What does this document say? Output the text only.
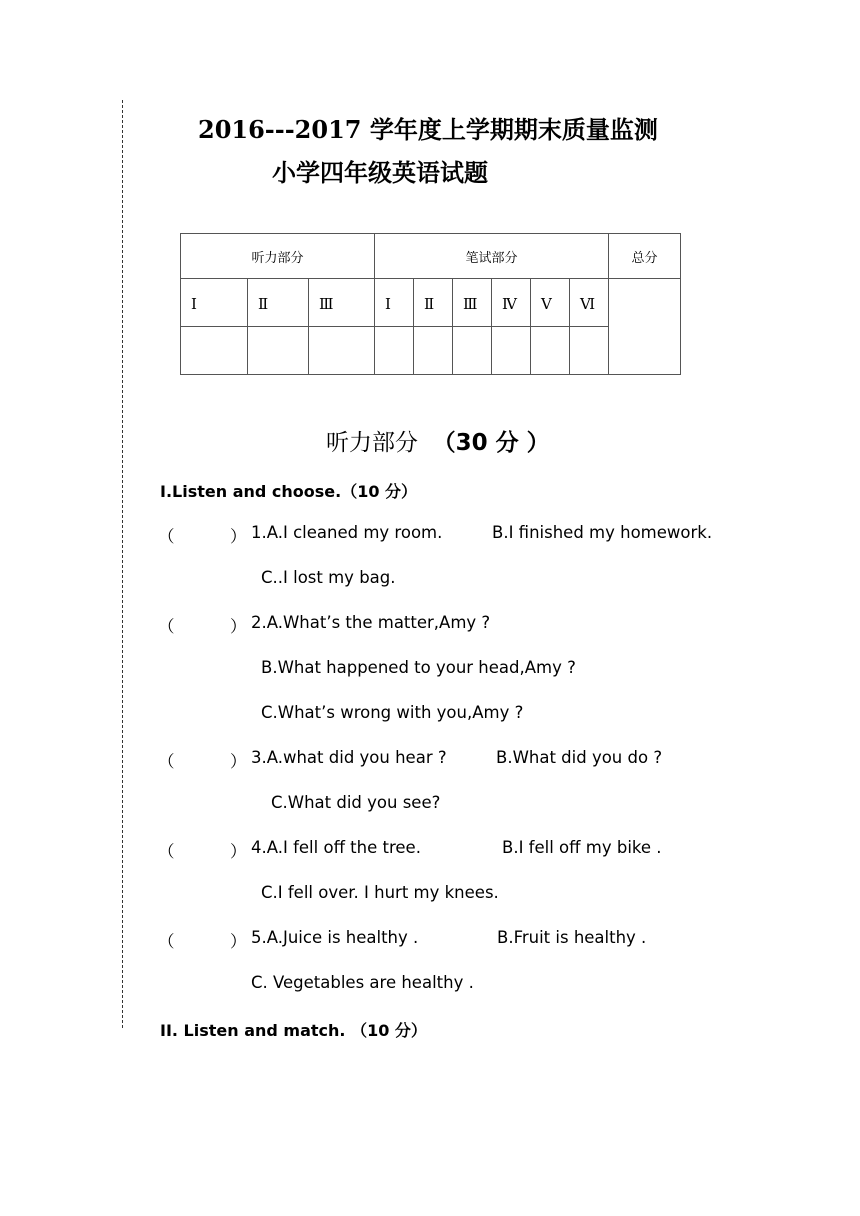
2016---2017 学年度上学期期末质量监测
小学四年级英语试题
听力部分			笔试部分						总分
Ⅰ	Ⅱ	Ⅲ	Ⅰ	Ⅱ	Ⅲ	Ⅳ	Ⅴ	Ⅵ	

听力部分 （30 分 ）
I.Listen and choose.（10 分）
（	） 1.A.I cleaned my room.	B.I finished my homework.
C..I lost my bag.
（	） 2.A.What’s the matter,Amy ?
B.What happened to your head,Amy ?
C.What’s wrong with you,Amy ?
（	） 3.A.what did you hear ?	B.What did you do ?
C.What did you see?
（	） 4.A.I fell off the tree.	B.I fell off my bike .
C.I fell over. I hurt my knees.
（	） 5.A.Juice is healthy .	B.Fruit is healthy .
C. Vegetables are healthy .
II. Listen and match. （10 分）
